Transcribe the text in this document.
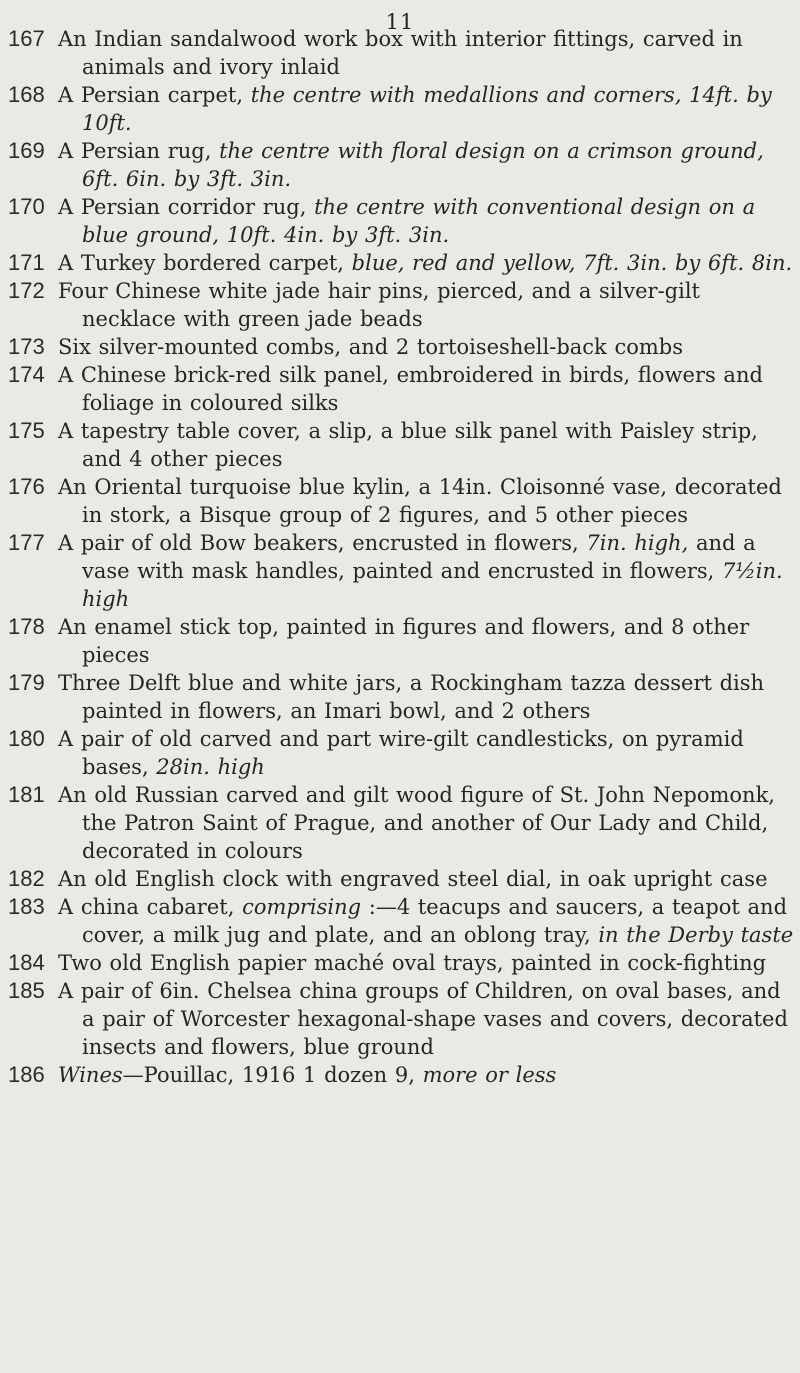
11
167 An Indian sandalwood work box with interior fittings, carved in animals and ivory inlaid
168 A Persian carpet, the centre with medallions and corners, 14ft. by 10ft.
169 A Persian rug, the centre with floral design on a crimson ground, 6ft. 6in. by 3ft. 3in.
170 A Persian corridor rug, the centre with conventional design on a blue ground, 10ft. 4in. by 3ft. 3in.
171 A Turkey bordered carpet, blue, red and yellow, 7ft. 3in. by 6ft. 8in.
172 Four Chinese white jade hair pins, pierced, and a silver-gilt necklace with green jade beads
173 Six silver-mounted combs, and 2 tortoiseshell-back combs
174 A Chinese brick-red silk panel, embroidered in birds, flowers and foliage in coloured silks
175 A tapestry table cover, a slip, a blue silk panel with Paisley strip, and 4 other pieces
176 An Oriental turquoise blue kylin, a 14in. Cloisonné vase, decorated in stork, a Bisque group of 2 figures, and 5 other pieces
177 A pair of old Bow beakers, encrusted in flowers, 7in. high, and a vase with mask handles, painted and encrusted in flowers, 7½in. high
178 An enamel stick top, painted in figures and flowers, and 8 other pieces
179 Three Delft blue and white jars, a Rockingham tazza dessert dish painted in flowers, an Imari bowl, and 2 others
180 A pair of old carved and part wire-gilt candlesticks, on pyramid bases, 28in. high
181 An old Russian carved and gilt wood figure of St. John Nepomonk, the Patron Saint of Prague, and another of Our Lady and Child, decorated in colours
182 An old English clock with engraved steel dial, in oak upright case
183 A china cabaret, comprising :—4 teacups and saucers, a teapot and cover, a milk jug and plate, and an oblong tray, in the Derby taste
184 Two old English papier maché oval trays, painted in cock-fighting
185 A pair of 6in. Chelsea china groups of Children, on oval bases, and a pair of Worcester hexagonal-shape vases and covers, decorated insects and flowers, blue ground
186 Wines—Pouillac, 1916 1 dozen 9, more or less
